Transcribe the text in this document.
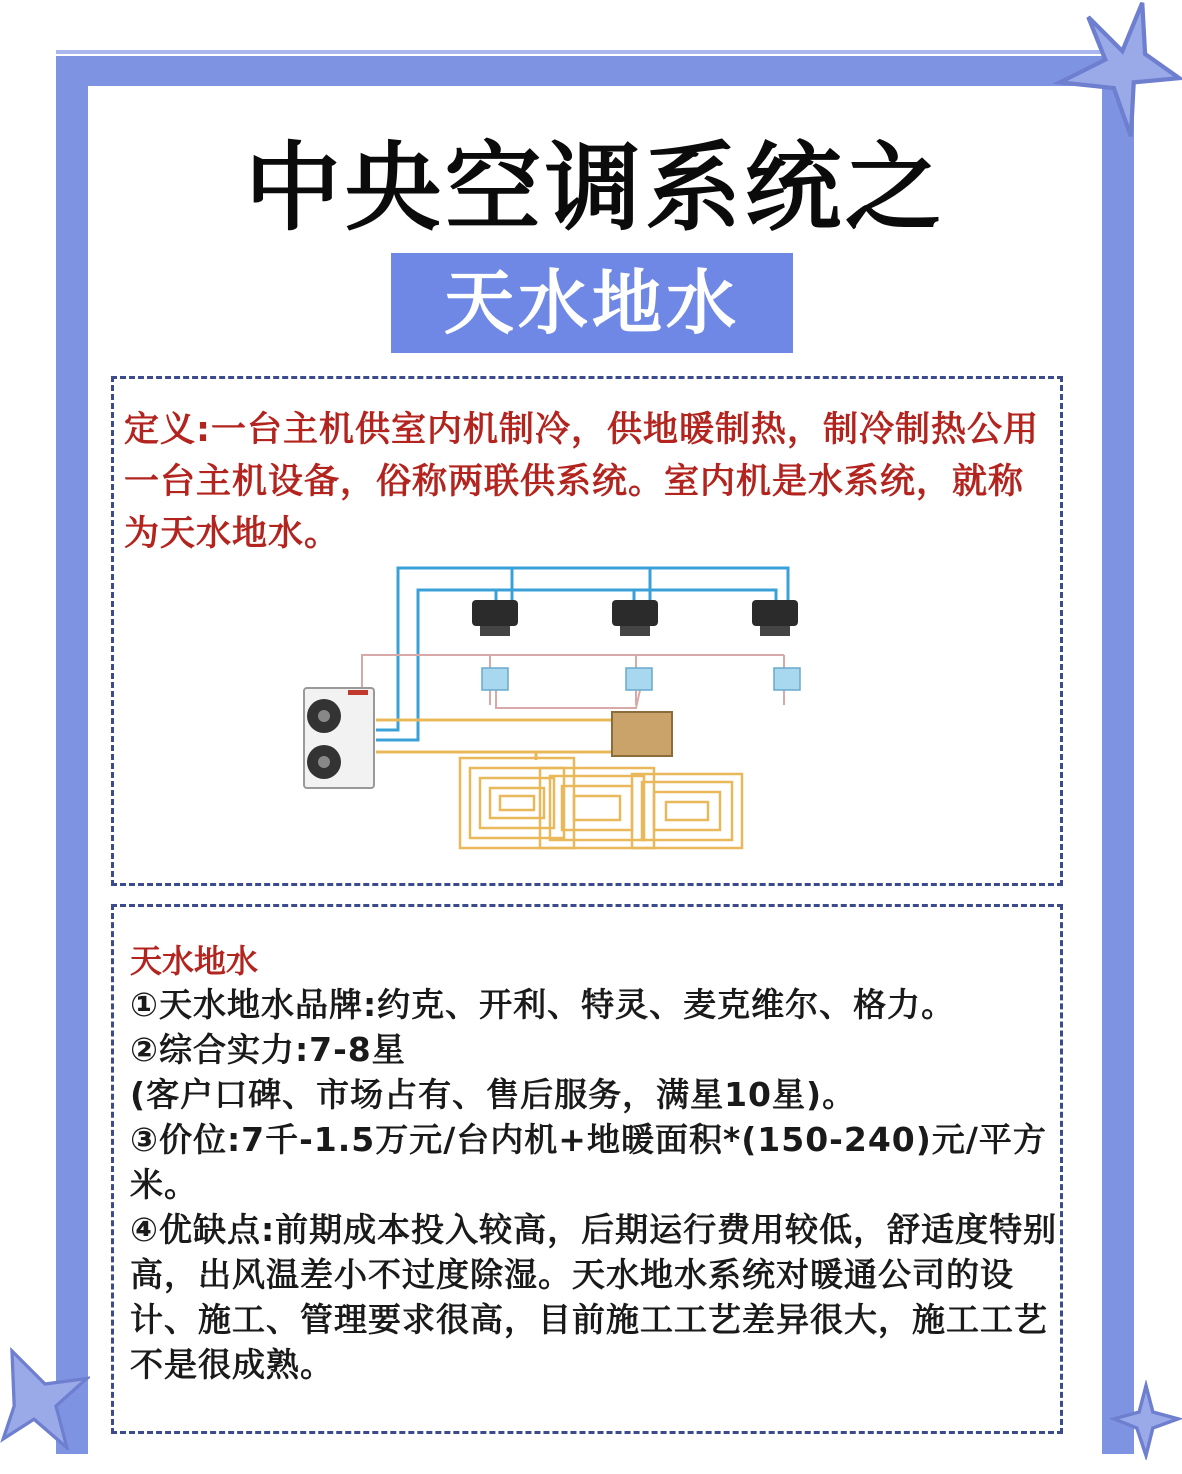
中央空调系统之
天水地水

定义:一台主机供室内机制冷，供地暖制热，制冷制热公用一台主机设备，俗称两联供系统。室内机是水系统，就称为天水地水。

天水地水
①天水地水品牌:约克、开利、特灵、麦克维尔、格力。
②综合实力:7-8星
(客户口碑、市场占有、售后服务，满星10星)。
③价位:7千-1.5万元/台内机+地暖面积*(150-240)元/平方米。
④优缺点:前期成本投入较高，后期运行费用较低，舒适度特别高，出风温差小不过度除湿。天水地水系统对暖通公司的设计、施工、管理要求很高，目前施工工艺差异很大，施工工艺不是很成熟。
